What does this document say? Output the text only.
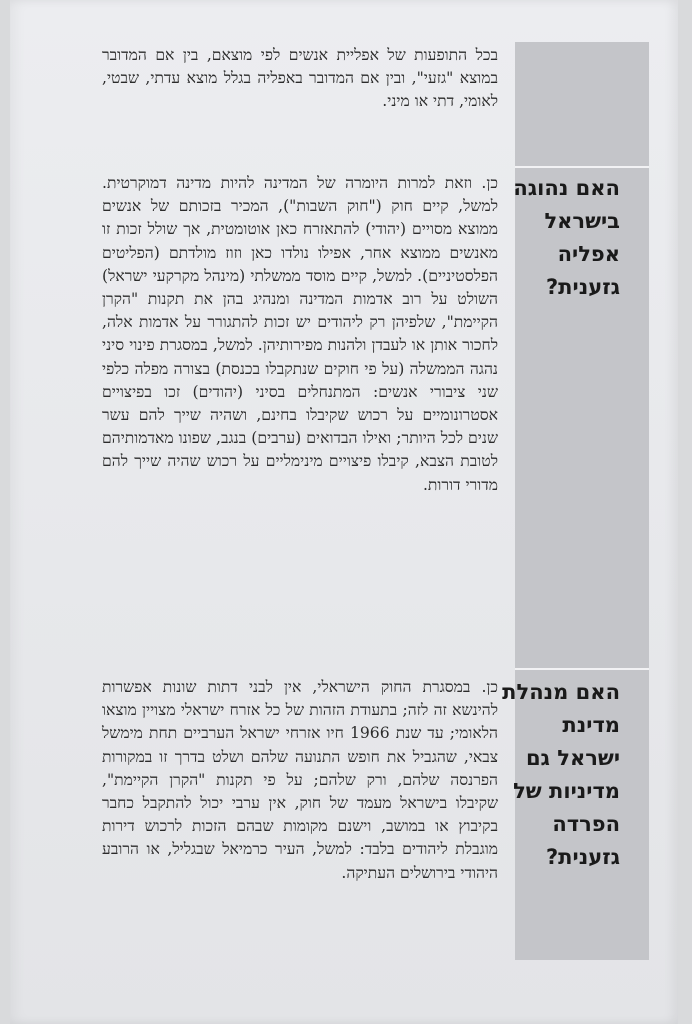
האם נהוגה
בישראל
אפליה
גזענית?
האם מנהלת
מדינת
ישראל גם
מדיניות של
הפרדה
גזענית?

בכל התופעות של אפליית אנשים לפי מוצאם, בין אם המדובר במוצא "גזעי", ובין אם המדובר באפליה בגלל מוצא עדתי, שבטי, לאומי, דתי או מיני.

כן. וזאת למרות היומרה של המדינה להיות מדינה דמוקרטית. למשל, קיים חוק ("חוק השבות"), המכיר בזכותם של אנשים ממוצא מסויים (יהודי) להתאזרח כאן אוטומטית, אך שולל זכות זו מאנשים ממוצא אחר, אפילו נולדו כאן וזוז מולדתם (הפליטים הפלסטיניים). למשל, קיים מוסד ממשלתי (מינהל מקרקעי ישראל) השולט על רוב אדמות המדינה ומנהיג בהן את תקנות "הקרן הקיימת", שלפיהן רק ליהודים יש זכות להתגורר על אדמות אלה, לחכור אותן או לעבדן ולהנות מפירותיהן. למשל, במסגרת פינוי סיני נהגה הממשלה (על פי חוקים שנתקבלו בכנסת) בצורה מפלה כלפי שני ציבורי אנשים: המתנחלים בסיני (יהודים) זכו בפיצויים אסטרונומיים על רכוש שקיבלו בחינם, ושהיה שייך להם עשר שנים לכל היותר; ואילו הבדואים (ערבים) בנגב, שפונו מאדמותיהם לטובת הצבא, קיבלו פיצויים מינימליים על רכוש שהיה שייך להם מדורי דורות.

כן. במסגרת החוק הישראלי, אין לבני דתות שונות אפשרות להינשא זה לזה; בתעודת הזהות של כל אזרח ישראלי מצויין מוצאו הלאומי; עד שנת 1966 חיו אזרחי ישראל הערביים תחת מימשל צבאי, שהגביל את חופש התנועה שלהם ושלט בדרך זו במקורות הפרנסה שלהם, ורק שלהם; על פי תקנות "הקרן הקיימת", שקיבלו בישראל מעמד של חוק, אין ערבי יכול להתקבל כחבר בקיבוץ או במושב, וישנם מקומות שבהם הזכות לרכוש דירות מוגבלת ליהודים בלבד: למשל, העיר כרמיאל שבגליל, או הרובע היהודי בירושלים העתיקה.
